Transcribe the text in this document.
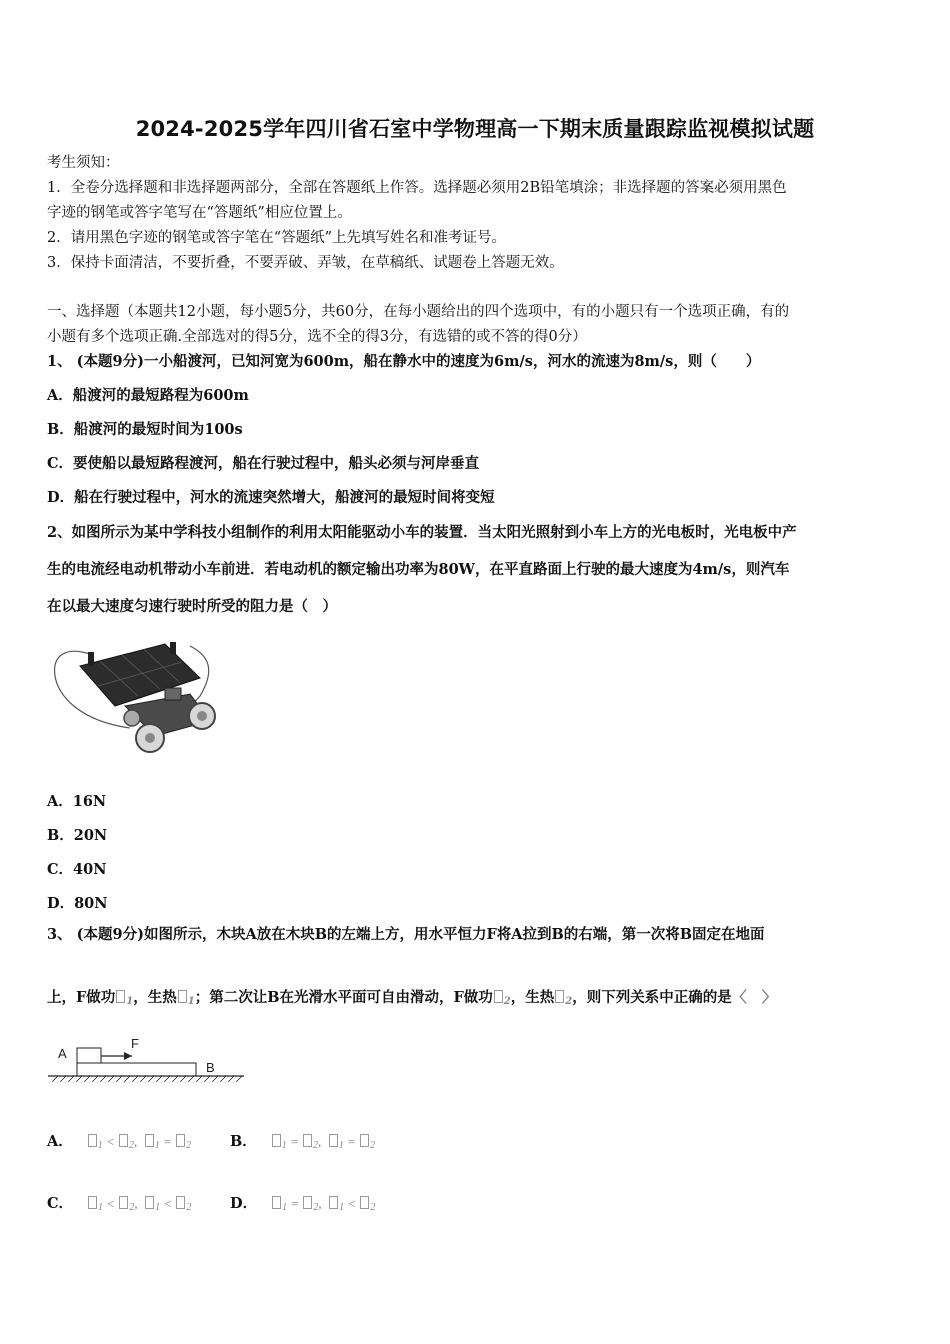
2024-2025学年四川省石室中学物理高一下期末质量跟踪监视模拟试题
考生须知：
1．全卷分选择题和非选择题两部分，全部在答题纸上作答。选择题必须用2B铅笔填涂；非选择题的答案必须用黑色
字迹的钢笔或答字笔写在“答题纸”相应位置上。
2．请用黑色字迹的钢笔或答字笔在“答题纸”上先填写姓名和准考证号。
3．保持卡面清洁，不要折叠，不要弄破、弄皱，在草稿纸、试题卷上答题无效。
一、选择题（本题共12小题，每小题5分，共60分，在每小题给出的四个选项中，有的小题只有一个选项正确，有的
小题有多个选项正确.全部选对的得5分，选不全的得3分，有选错的或不答的得0分）
1、 (本题9分)一小船渡河，已知河宽为600m，船在静水中的速度为6m/s，河水的流速为8m/s，则（　　）
A．船渡河的最短路程为600m
B．船渡河的最短时间为100s
C．要使船以最短路程渡河，船在行驶过程中，船头必须与河岸垂直
D．船在行驶过程中，河水的流速突然增大，船渡河的最短时间将变短
2、如图所示为某中学科技小组制作的利用太阳能驱动小车的装置．当太阳光照射到小车上方的光电板时，光电板中产
生的电流经电动机带动小车前进．若电动机的额定输出功率为80W，在平直路面上行驶的最大速度为4m/s，则汽车
在以最大速度匀速行驶时所受的阻力是（　）
A．16N
B．20N
C．40N
D．80N
3、 (本题9分)如图所示，木块A放在木块B的左端上方，用水平恒力F将A拉到B的右端，第一次将B固定在地面
上，F做功 $_1$，生热 $_1$；第二次让B在光滑水平面可自由滑动，F做功 $_2$，生热 $_2$，则下列关系中正确的是〈　〉
A
F
B
A．	$_1$ < $_2$, $_1$ = $_2$	B．	$_1$ = $_2$, $_1$ = $_2$
C．	$_1$ < $_2$, $_1$ < $_2$	D．	$_1$ = $_2$, $_1$ < $_2$
